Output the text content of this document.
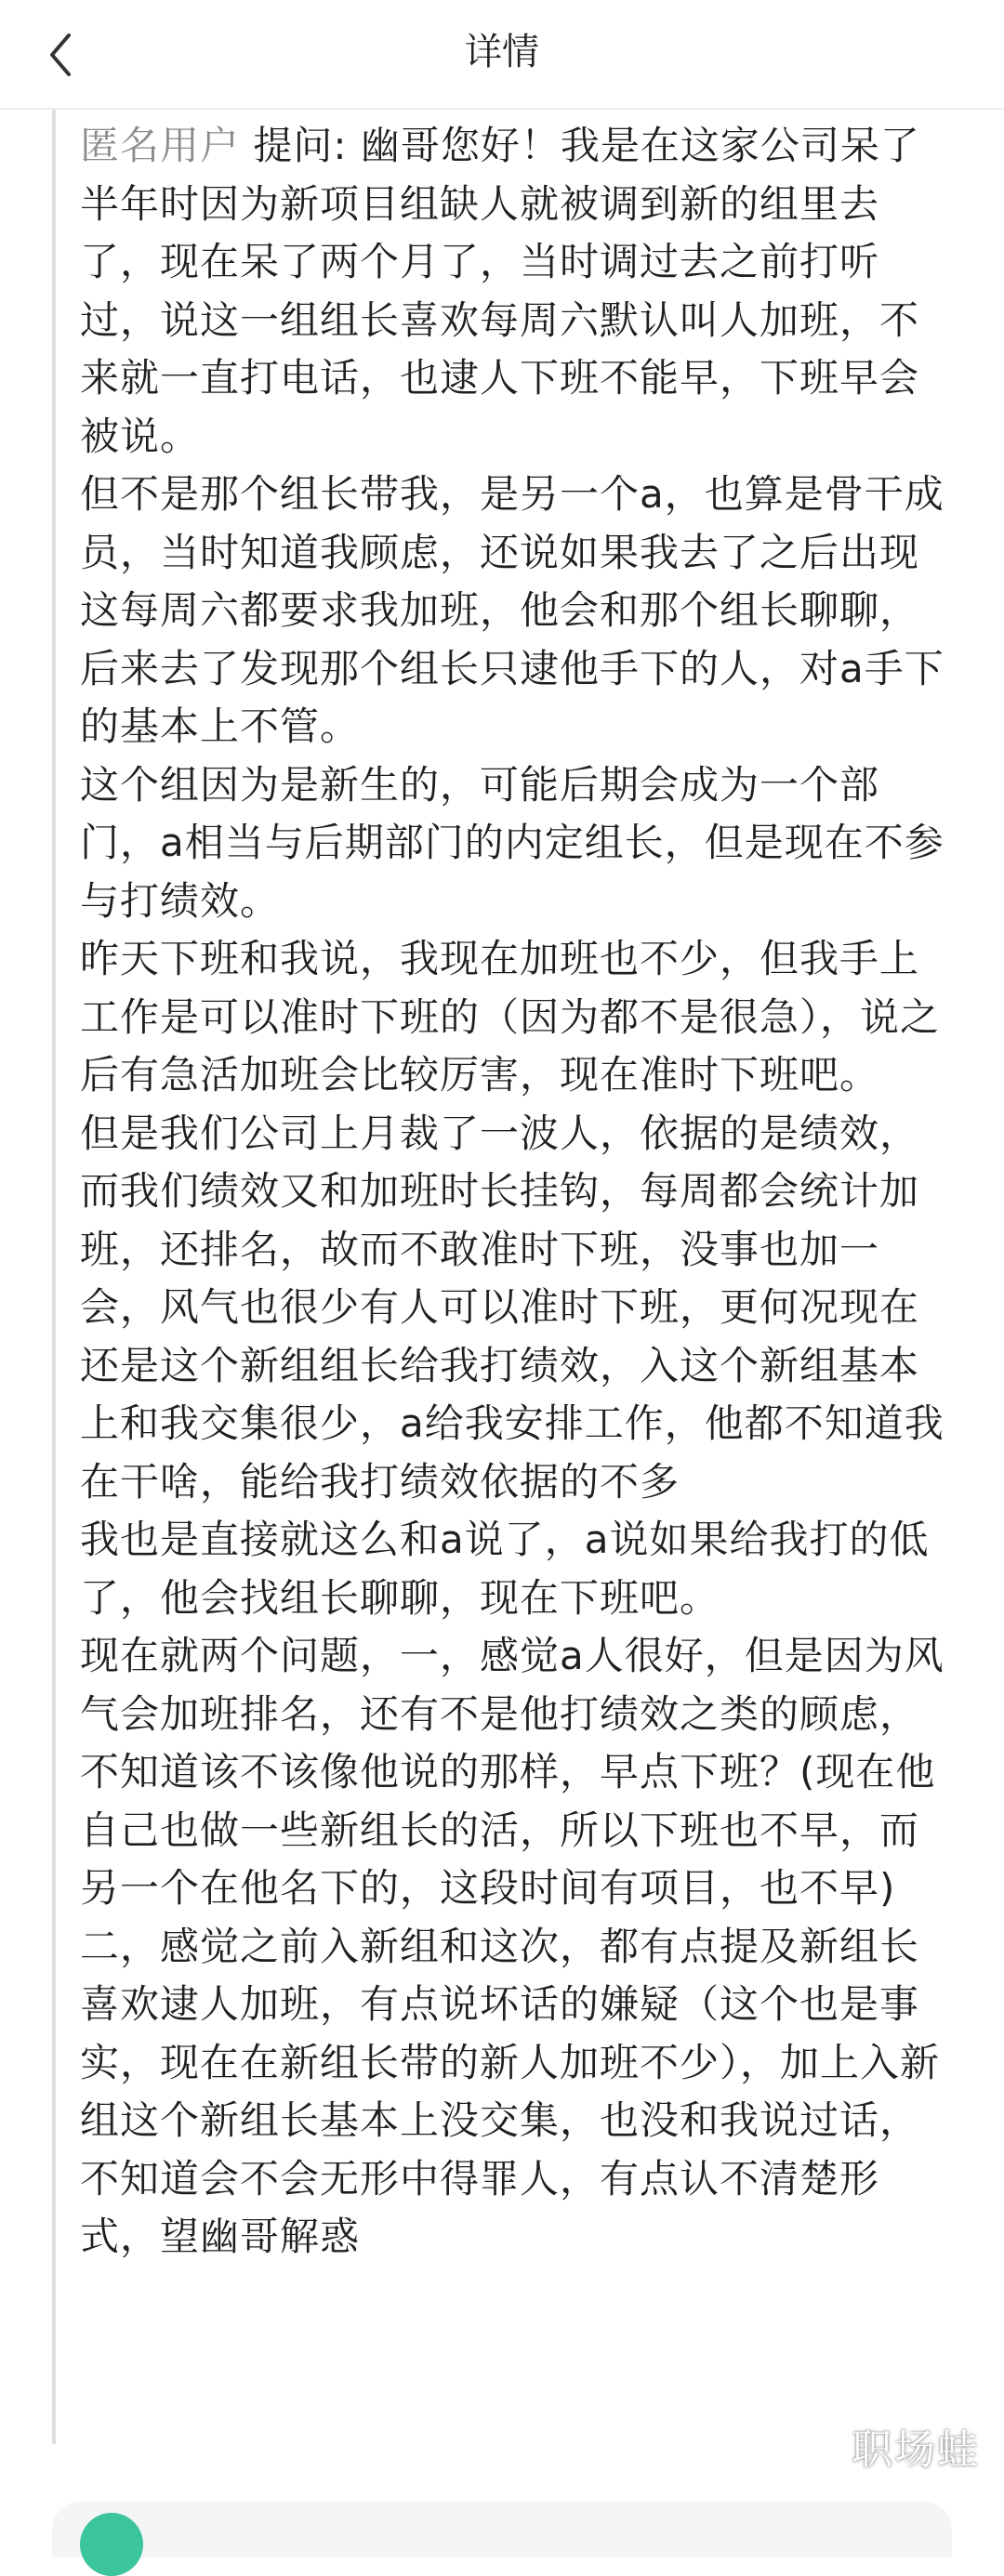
详情

匿名用户 提问: 幽哥您好！我是在这家公司呆了半年时因为新项目组缺人就被调到新的组里去了，现在呆了两个月了，当时调过去之前打听过，说这一组组长喜欢每周六默认叫人加班，不来就一直打电话，也逮人下班不能早，下班早会被说。

但不是那个组长带我，是另一个a，也算是骨干成员，当时知道我顾虑，还说如果我去了之后出现这每周六都要求我加班，他会和那个组长聊聊，后来去了发现那个组长只逮他手下的人，对a手下的基本上不管。

这个组因为是新生的，可能后期会成为一个部门，a相当与后期部门的内定组长，但是现在不参与打绩效。

昨天下班和我说，我现在加班也不少，但我手上工作是可以准时下班的（因为都不是很急），说之后有急活加班会比较厉害，现在准时下班吧。

但是我们公司上月裁了一波人，依据的是绩效，而我们绩效又和加班时长挂钩，每周都会统计加班，还排名，故而不敢准时下班，没事也加一会，风气也很少有人可以准时下班，更何况现在还是这个新组组长给我打绩效，入这个新组基本上和我交集很少，a给我安排工作，他都不知道我在干啥，能给我打绩效依据的不多

我也是直接就这么和a说了，a说如果给我打的低了，他会找组长聊聊，现在下班吧。

现在就两个问题，一，感觉a人很好，但是因为风气会加班排名，还有不是他打绩效之类的顾虑，不知道该不该像他说的那样，早点下班？(现在他自己也做一些新组长的活，所以下班也不早，而另一个在他名下的，这段时间有项目，也不早)

二，感觉之前入新组和这次，都有点提及新组长喜欢逮人加班，有点说坏话的嫌疑（这个也是事实，现在在新组长带的新人加班不少），加上入新组这个新组长基本上没交集，也没和我说过话，不知道会不会无形中得罪人，有点认不清楚形式，望幽哥解惑

职场蛙
